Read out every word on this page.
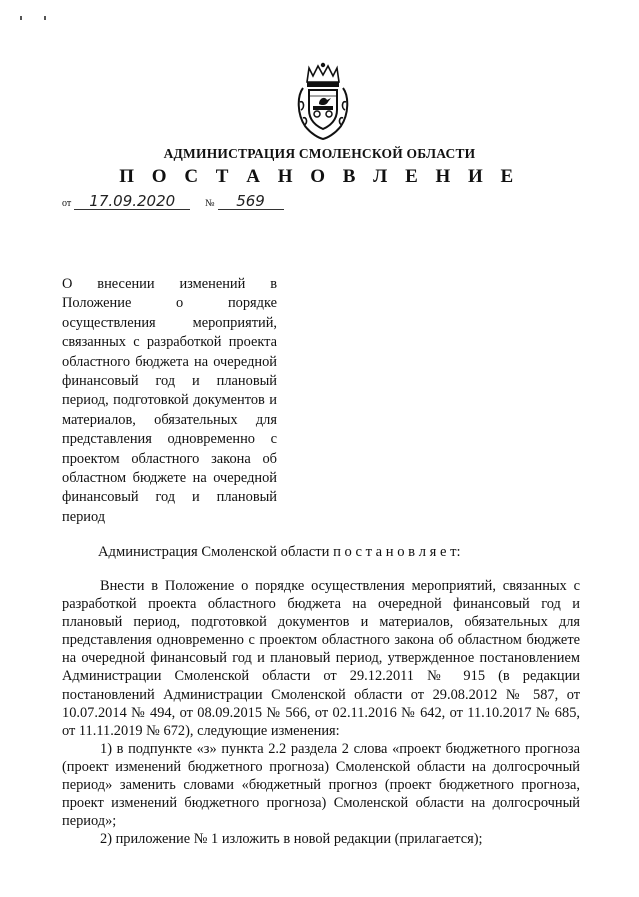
АДМИНИСТРАЦИЯ СМОЛЕНСКОЙ ОБЛАСТИ
П О С Т А Н О В Л Е Н И Е
от 17.09.2020	№ 569
О внесении изменений в Положение о порядке осуществления мероприятий, связанных с разработкой проекта областного бюджета на очередной финансовый год и плановый период, подготовкой документов и материалов, обязательных для представления одновременно с проектом областного закона об областном бюджете на очередной финансовый год и плановый период
Администрация Смоленской области п о с т а н о в л я е т:
Внести в Положение о порядке осуществления мероприятий, связанных с разработкой проекта областного бюджета на очередной финансовый год и плановый период, подготовкой документов и материалов, обязательных для представления одновременно с проектом областного закона об областном бюджете на очередной финансовый год и плановый период, утвержденное постановлением Администрации Смоленской области от 29.12.2011 № 915 (в редакции постановлений Администрации Смоленской области от 29.08.2012 № 587, от 10.07.2014 № 494, от 08.09.2015 № 566, от 02.11.2016 № 642, от 11.10.2017 № 685, от 11.11.2019 № 672), следующие изменения:
1) в подпункте «з» пункта 2.2 раздела 2 слова «проект бюджетного прогноза (проект изменений бюджетного прогноза) Смоленской области на долгосрочный период» заменить словами «бюджетный прогноз (проект бюджетного прогноза, проект изменений бюджетного прогноза) Смоленской области на долгосрочный период»;
2) приложение № 1 изложить в новой редакции (прилагается);
